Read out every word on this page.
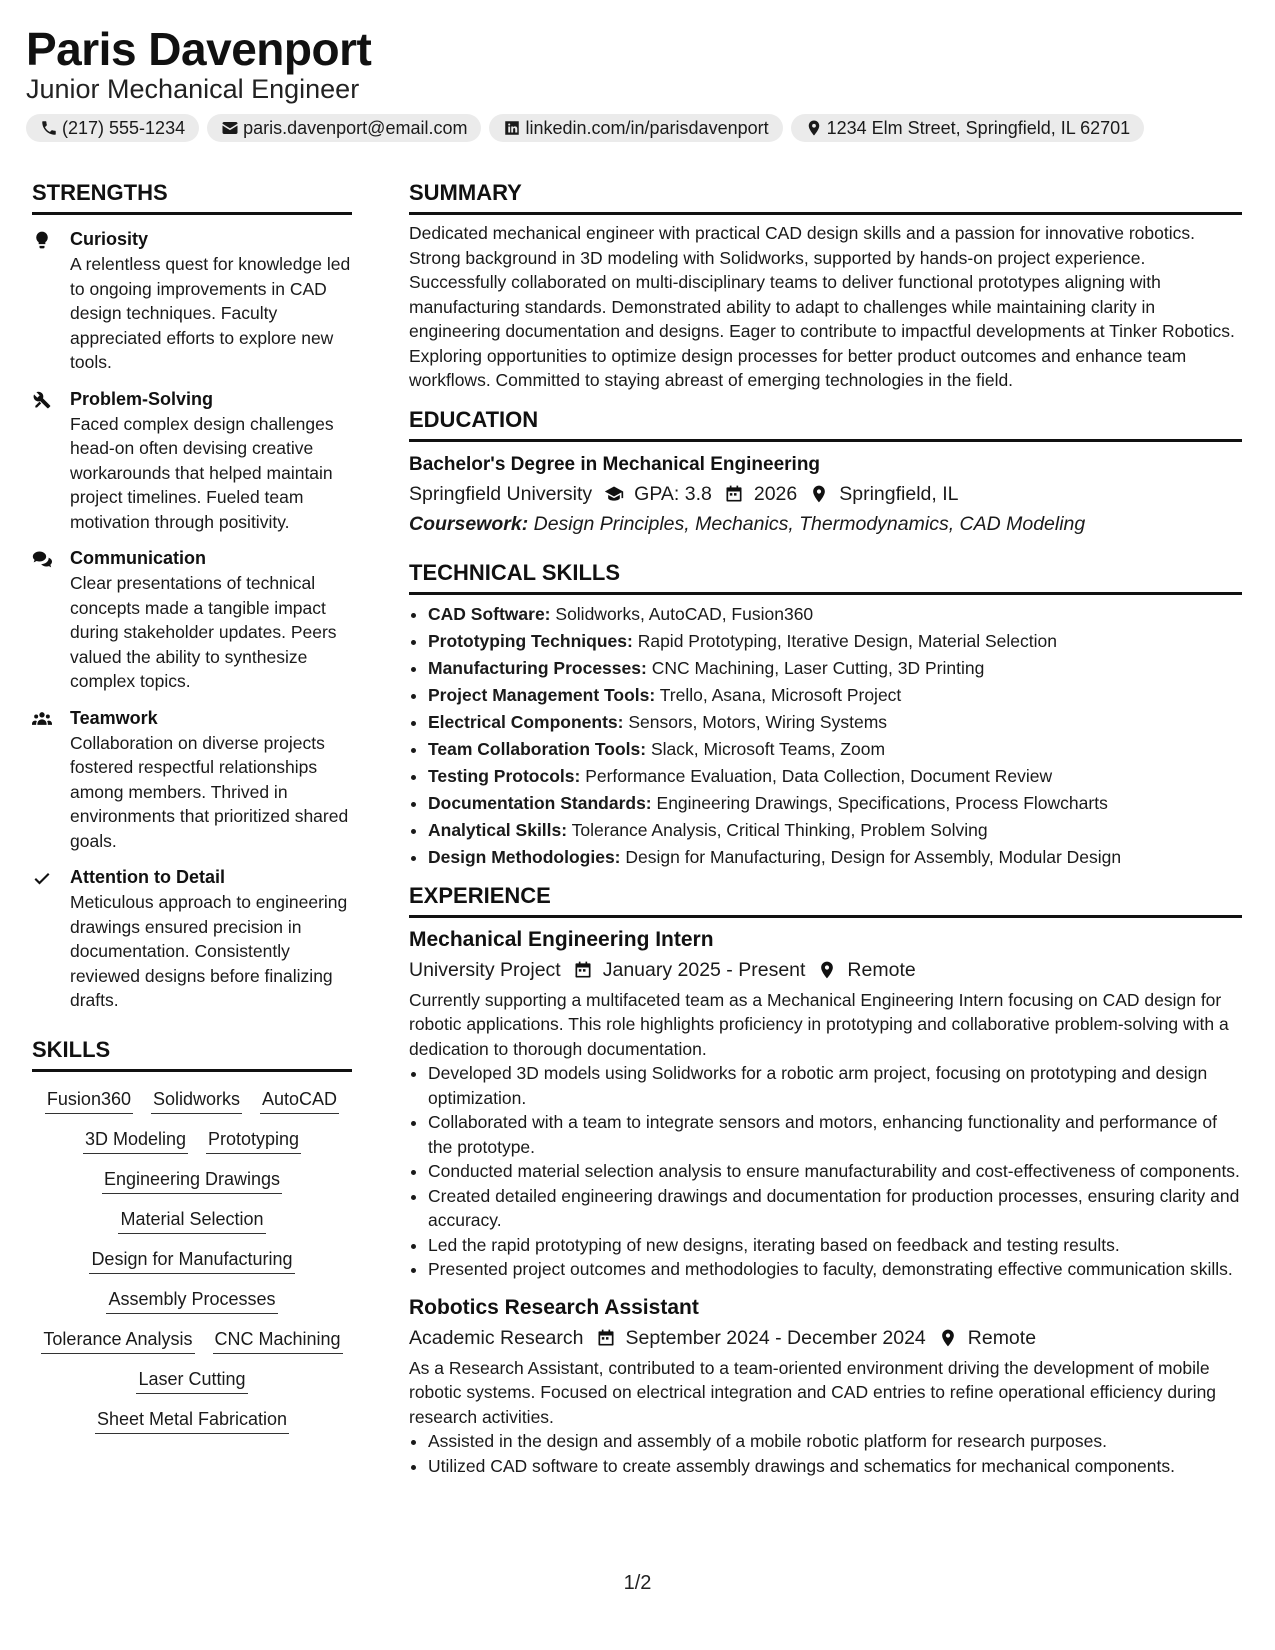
Paris Davenport
Junior Mechanical Engineer
(217) 555-1234	paris.davenport@email.com	linkedin.com/in/parisdavenport	1234 Elm Street, Springfield, IL 62701
STRENGTHS
Curiosity
A relentless quest for knowledge led to ongoing improvements in CAD design techniques. Faculty appreciated efforts to explore new tools.
Problem-Solving
Faced complex design challenges head-on often devising creative workarounds that helped maintain project timelines. Fueled team motivation through positivity.
Communication
Clear presentations of technical concepts made a tangible impact during stakeholder updates. Peers valued the ability to synthesize complex topics.
Teamwork
Collaboration on diverse projects fostered respectful relationships among members. Thrived in environments that prioritized shared goals.
Attention to Detail
Meticulous approach to engineering drawings ensured precision in documentation. Consistently reviewed designs before finalizing drafts.
SKILLS
Fusion360 Solidworks AutoCAD
3D Modeling Prototyping
Engineering Drawings
Material Selection
Design for Manufacturing
Assembly Processes
Tolerance Analysis CNC Machining
Laser Cutting
Sheet Metal Fabrication
SUMMARY

Dedicated mechanical engineer with practical CAD design skills and a passion for innovative robotics. Strong background in 3D modeling with Solidworks, supported by hands-on project experience. Successfully collaborated on multi-disciplinary teams to deliver functional prototypes aligning with manufacturing standards. Demonstrated ability to adapt to challenges while maintaining clarity in engineering documentation and designs. Eager to contribute to impactful developments at Tinker Robotics. Exploring opportunities to optimize design processes for better product outcomes and enhance team workflows. Committed to staying abreast of emerging technologies in the field.

EDUCATION
Bachelor's Degree in Mechanical Engineering
Springfield University GPA: 3.8 2026 Springfield, IL
Coursework: Design Principles, Mechanics, Thermodynamics, CAD Modeling
TECHNICAL SKILLS
• CAD Software: Solidworks, AutoCAD, Fusion360
• Prototyping Techniques: Rapid Prototyping, Iterative Design, Material Selection
• Manufacturing Processes: CNC Machining, Laser Cutting, 3D Printing
• Project Management Tools: Trello, Asana, Microsoft Project
• Electrical Components: Sensors, Motors, Wiring Systems
• Team Collaboration Tools: Slack, Microsoft Teams, Zoom
• Testing Protocols: Performance Evaluation, Data Collection, Document Review
• Documentation Standards: Engineering Drawings, Specifications, Process Flowcharts
• Analytical Skills: Tolerance Analysis, Critical Thinking, Problem Solving
• Design Methodologies: Design for Manufacturing, Design for Assembly, Modular Design
EXPERIENCE
Mechanical Engineering Intern
University Project January 2025 - Present Remote

Currently supporting a multifaceted team as a Mechanical Engineering Intern focusing on CAD design for robotic applications. This role highlights proficiency in prototyping and collaborative problem-solving with a dedication to thorough documentation.

• Developed 3D models using Solidworks for a robotic arm project, focusing on prototyping and design optimization.
• Collaborated with a team to integrate sensors and motors, enhancing functionality and performance of the prototype.
• Conducted material selection analysis to ensure manufacturability and cost-effectiveness of components.
• Created detailed engineering drawings and documentation for production processes, ensuring clarity and accuracy.
• Led the rapid prototyping of new designs, iterating based on feedback and testing results.
• Presented project outcomes and methodologies to faculty, demonstrating effective communication skills.
Robotics Research Assistant
Academic Research September 2024 - December 2024 Remote

As a Research Assistant, contributed to a team-oriented environment driving the development of mobile robotic systems. Focused on electrical integration and CAD entries to refine operational efficiency during research activities.

• Assisted in the design and assembly of a mobile robotic platform for research purposes.
• Utilized CAD software to create assembly drawings and schematics for mechanical components.
1/2
